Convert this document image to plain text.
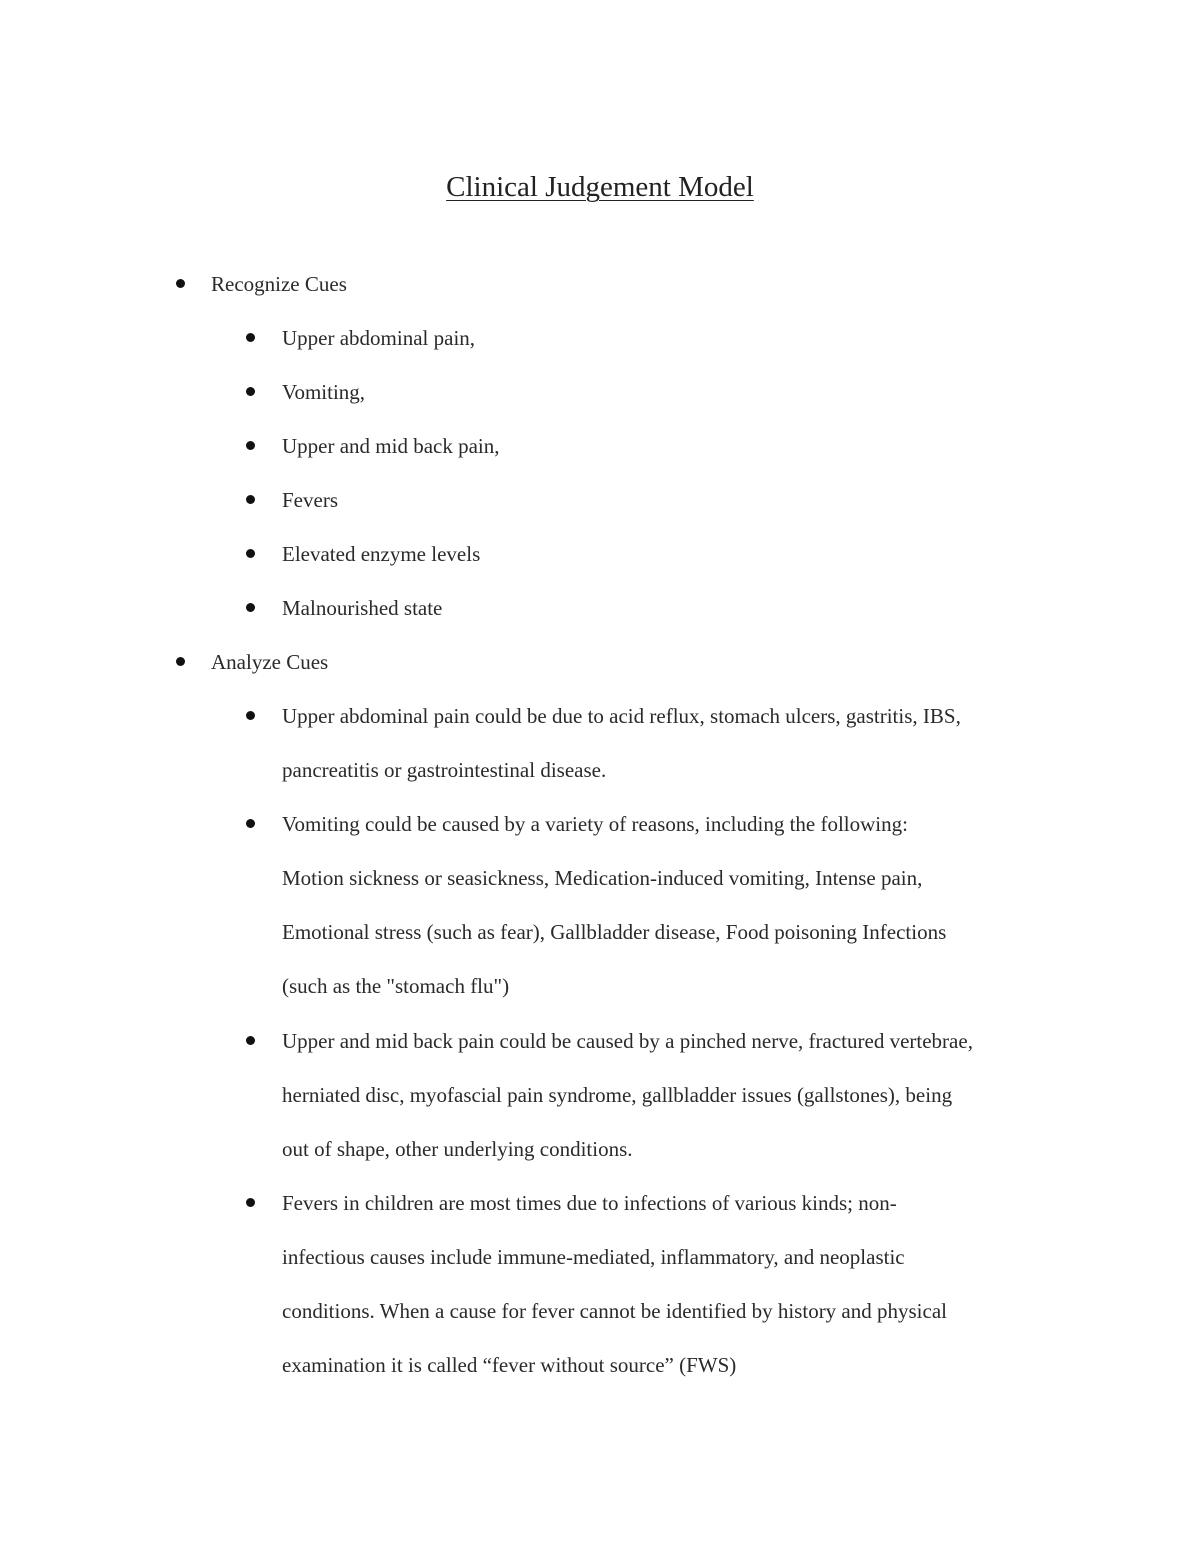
Clinical Judgement Model
Recognize Cues
Upper abdominal pain,
Vomiting,
Upper and mid back pain,
Fevers
Elevated enzyme levels
Malnourished state
Analyze Cues
Upper abdominal pain could be due to acid reflux, stomach ulcers, gastritis, IBS,
pancreatitis or gastrointestinal disease.
Vomiting could be caused by a variety of reasons, including the following:
Motion sickness or seasickness, Medication-induced vomiting, Intense pain,
Emotional stress (such as fear), Gallbladder disease, Food poisoning Infections
(such as the "stomach flu")
Upper and mid back pain could be caused by a pinched nerve, fractured vertebrae,
herniated disc, myofascial pain syndrome, gallbladder issues (gallstones), being
out of shape, other underlying conditions.
Fevers in children are most times due to infections of various kinds; non-
infectious causes include immune-mediated, inflammatory, and neoplastic
conditions. When a cause for fever cannot be identified by history and physical
examination it is called “fever without source” (FWS)
